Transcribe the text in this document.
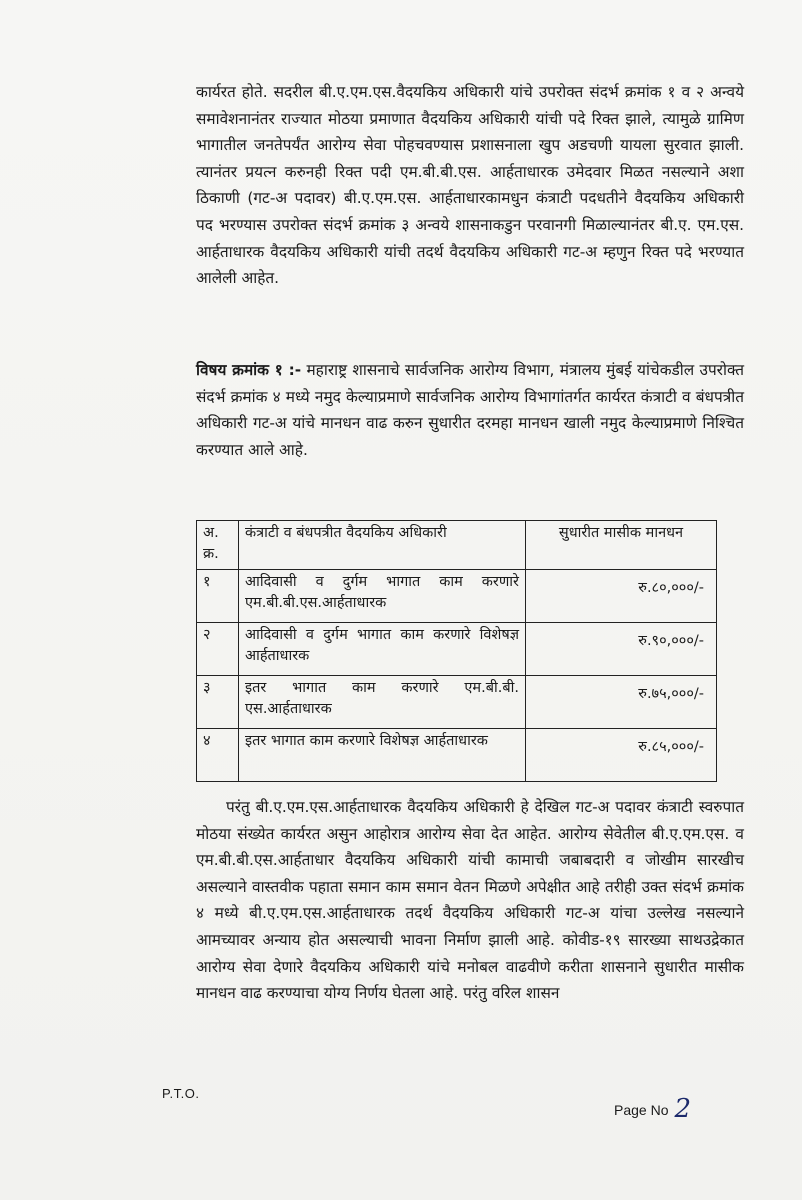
कार्यरत होते. सदरील बी.ए.एम.एस.वैदयकिय अधिकारी यांचे उपरोक्त संदर्भ क्रमांक १ व २ अन्वये समावेशनानंतर राज्यात मोठया प्रमाणात वैदयकिय अधिकारी यांची पदे रिक्त झाले, त्यामुळे ग्रामिण भागातील जनतेपर्यंत आरोग्य सेवा पोहचवण्यास प्रशासनाला खुप अडचणी यायला सुरवात झाली. त्यानंतर प्रयत्न करुनही रिक्त पदी एम.बी.बी.एस. आर्हताधारक उमेदवार मिळत नसल्याने अशा ठिकाणी (गट-अ पदावर) बी.ए.एम.एस. आर्हताधारकामधुन कंत्राटी पदधतीने वैदयकिय अधिकारी पद भरण्यास उपरोक्त संदर्भ क्रमांक ३ अन्वये शासनाकडुन परवानगी मिळाल्यानंतर बी.ए. एम.एस. आर्हताधारक वैदयकिय अधिकारी यांची तदर्थ वैदयकिय अधिकारी गट-अ म्हणुन रिक्त पदे भरण्यात आलेली आहेत.
विषय क्रमांक १ :- महाराष्ट्र शासनाचे सार्वजनिक आरोग्य विभाग, मंत्रालय मुंबई यांचेकडील उपरोक्त संदर्भ क्रमांक ४ मध्ये नमुद केल्याप्रमाणे सार्वजनिक आरोग्य विभागांतर्गत कार्यरत कंत्राटी व बंधपत्रीत अधिकारी गट-अ यांचे मानधन वाढ करुन सुधारीत दरमहा मानधन खाली नमुद केल्याप्रमाणे निश्चित करण्यात आले आहे.
अ. क्र.	कंत्राटी व बंधपत्रीत वैदयकिय अधिकारी	सुधारीत मासीक मानधन
१	आदिवासी व दुर्गम भागात काम करणारे एम.बी.बी.एस.आर्हताधारक	रु.८०,०००/-
२	आदिवासी व दुर्गम भागात काम करणारे विशेषज्ञ आर्हताधारक	रु.९०,०००/-
३	इतर भागात काम करणारे एम.बी.बी. एस.आर्हताधारक	रु.७५,०००/-
४	इतर भागात काम करणारे विशेषज्ञ आर्हताधारक	रु.८५,०००/-
परंतु बी.ए.एम.एस.आर्हताधारक वैदयकिय अधिकारी हे देखिल गट-अ पदावर कंत्राटी स्वरुपात मोठया संख्येत कार्यरत असुन आहोरात्र आरोग्य सेवा देत आहेत. आरोग्य सेवेतील बी.ए.एम.एस. व एम.बी.बी.एस.आर्हताधार वैदयकिय अधिकारी यांची कामाची जबाबदारी व जोखीम सारखीच असल्याने वास्तवीक पहाता समान काम समान वेतन मिळणे अपेक्षीत आहे तरीही उक्त संदर्भ क्रमांक ४ मध्ये बी.ए.एम.एस.आर्हताधारक तदर्थ वैदयकिय अधिकारी गट-अ यांचा उल्लेख नसल्याने आमच्यावर अन्याय होत असल्याची भावना निर्माण झाली आहे. कोवीड-१९ सारख्या साथउद्रेकात आरोग्य सेवा देणारे वैदयकिय अधिकारी यांचे मनोबल वाढवीणे करीता शासनाने सुधारीत मासीक मानधन वाढ करण्याचा योग्य निर्णय घेतला आहे. परंतु वरिल शासन
P.T.O.
Page No 2
